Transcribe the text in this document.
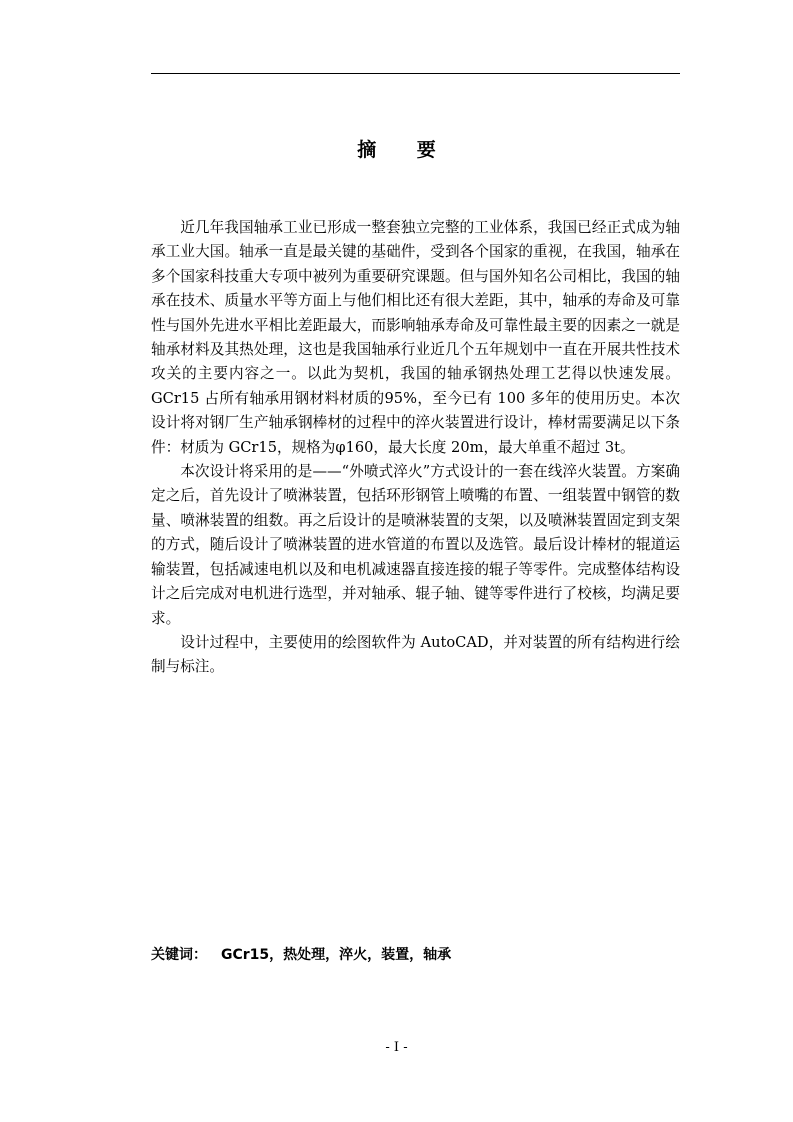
摘 要

近几年我国轴承工业已形成一整套独立完整的工业体系，我国已经正式成为轴承工业大国。轴承一直是最关键的基础件，受到各个国家的重视，在我国，轴承在多个国家科技重大专项中被列为重要研究课题。但与国外知名公司相比，我国的轴承在技术、质量水平等方面上与他们相比还有很大差距，其中，轴承的寿命及可靠性与国外先进水平相比差距最大，而影响轴承寿命及可靠性最主要的因素之一就是轴承材料及其热处理，这也是我国轴承行业近几个五年规划中一直在开展共性技术攻关的主要内容之一。以此为契机，我国的轴承钢热处理工艺得以快速发展。GCr15 占所有轴承用钢材料材质的95%，至今已有 100 多年的使用历史。本次设计将对钢厂生产轴承钢棒材的过程中的淬火装置进行设计，棒材需要满足以下条件：材质为 GCr15，规格为φ160，最大长度 20m，最大单重不超过 3t。

本次设计将采用的是——“外喷式淬火”方式设计的一套在线淬火装置。方案确定之后，首先设计了喷淋装置，包括环形钢管上喷嘴的布置、一组装置中钢管的数量、喷淋装置的组数。再之后设计的是喷淋装置的支架，以及喷淋装置固定到支架的方式，随后设计了喷淋装置的进水管道的布置以及选管。最后设计棒材的辊道运输装置，包括减速电机以及和电机减速器直接连接的辊子等零件。完成整体结构设计之后完成对电机进行选型，并对轴承、辊子轴、键等零件进行了校核，均满足要求。

设计过程中，主要使用的绘图软件为 AutoCAD，并对装置的所有结构进行绘制与标注。

关键词： GCr15，热处理，淬火，装置，轴承
- I -
